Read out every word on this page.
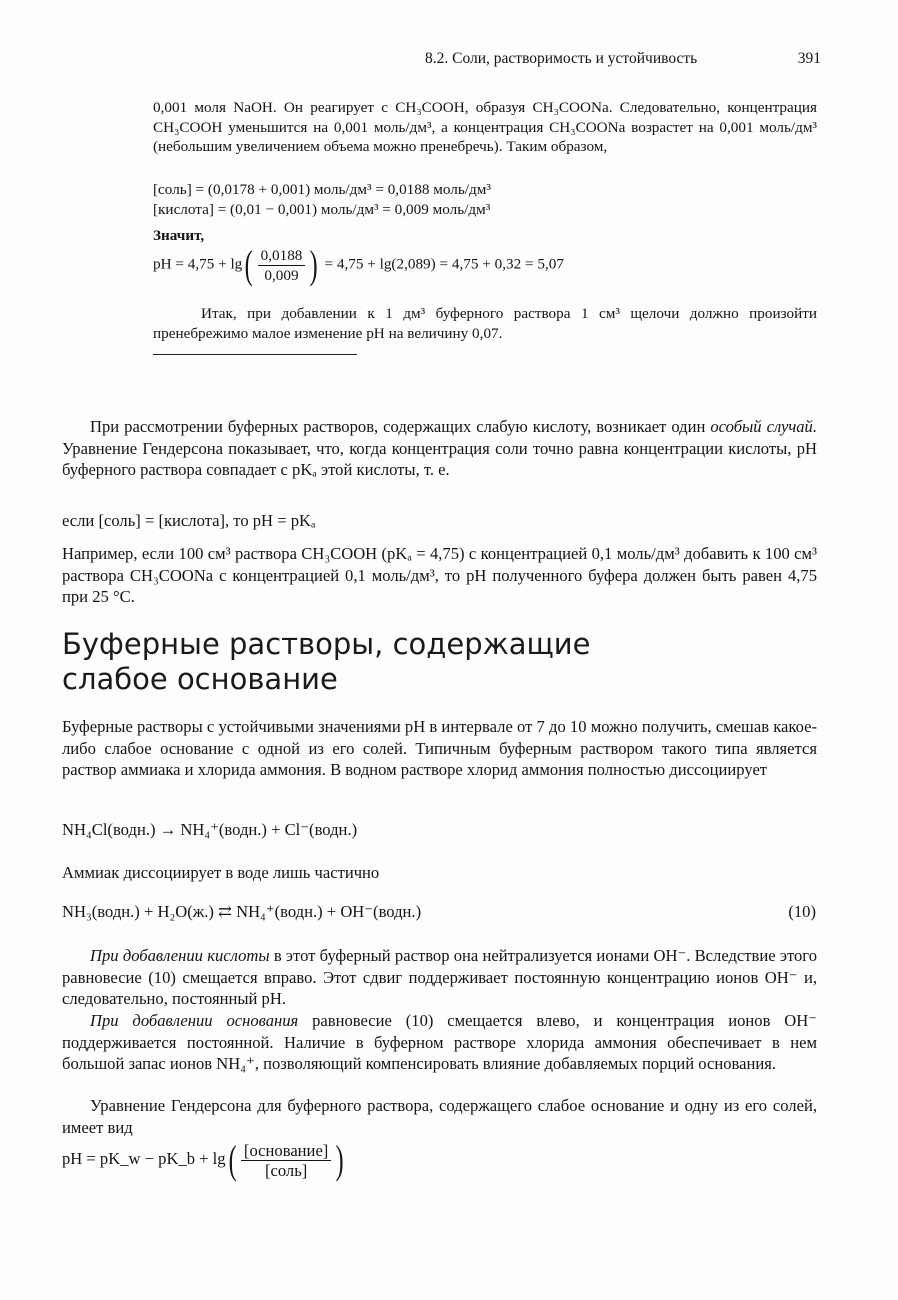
8.2. Соли, растворимость и устойчивость	391

0,001 моля NaOH. Он реагирует с CH₃COOH, образуя CH₃COONa. Следовательно, концентрация CH₃COOH уменьшится на 0,001 моль/дм³, а концентрация CH₃COONa возрастет на 0,001 моль/дм³ (небольшим увеличением объема можно пренебречь). Таким образом,

[соль] = (0,0178 + 0,001) моль/дм³ = 0,0188 моль/дм³
[кислота] = (0,01 − 0,001) моль/дм³ = 0,009 моль/дм³
Значит,
pH = $4,75 + \lg( \frac{0,0188}{0,009}$ ) = 4,75 + lg(2,089) = 4,75 + 0,32 = 5,07

Итак, при добавлении к 1 дм³ буферного раствора 1 см³ щелочи должно произойти пренебрежимо малое изменение pH на величину 0,07.

При рассмотрении буферных растворов, содержащих слабую кислоту, возникает один особый случай. Уравнение Гендерсона показывает, что, когда концентрация соли точно равна концентрации кислоты, pH буферного раствора совпадает с pKₐ этой кислоты, т. е.

если [соль] = [кислота], то pH = pKₐ

Например, если 100 см³ раствора CH₃COOH (pKₐ = 4,75) с концентрацией 0,1 моль/дм³ добавить к 100 см³ раствора CH₃COONa с концентрацией 0,1 моль/дм³, то pH полученного буфера должен быть равен 4,75 при 25 °C.

Буферные растворы, содержащие
слабое основание

Буферные растворы с устойчивыми значениями pH в интервале от 7 до 10 можно получить, смешав какое-либо слабое основание с одной из его солей. Типичным буферным раствором такого типа является раствор аммиака и хлорида аммония. В водном растворе хлорид аммония полностью диссоциирует

NH₄Cl(водн.) → NH₄⁺(водн.) + Cl⁻(водн.)
Аммиак диссоциирует в воде лишь частично
NH₃(водн.) + H₂O(ж.) ⇄ NH₄⁺(водн.) + OH⁻(водн.)	(10)

При добавлении кислоты в этот буферный раствор она нейтрализуется ионами OH⁻. Вследствие этого равновесие (10) смещается вправо. Этот сдвиг поддерживает постоянную концентрацию ионов OH⁻ и, следовательно, постоянный pH.

При добавлении основания равновесие (10) смещается влево, и концентрация ионов OH⁻ поддерживается постоянной. Наличие в буферном растворе хлорида аммония обеспечивает в нем большой запас ионов NH₄⁺, позволяющий компенсировать влияние добавляемых порций основания.

Уравнение Гендерсона для буферного раствора, содержащего слабое основание и одну из его солей, имеет вид

pH = pK_w − pK_b + $\lg( \frac{\text{[основание]}}{\text{[соль]}}$ )
